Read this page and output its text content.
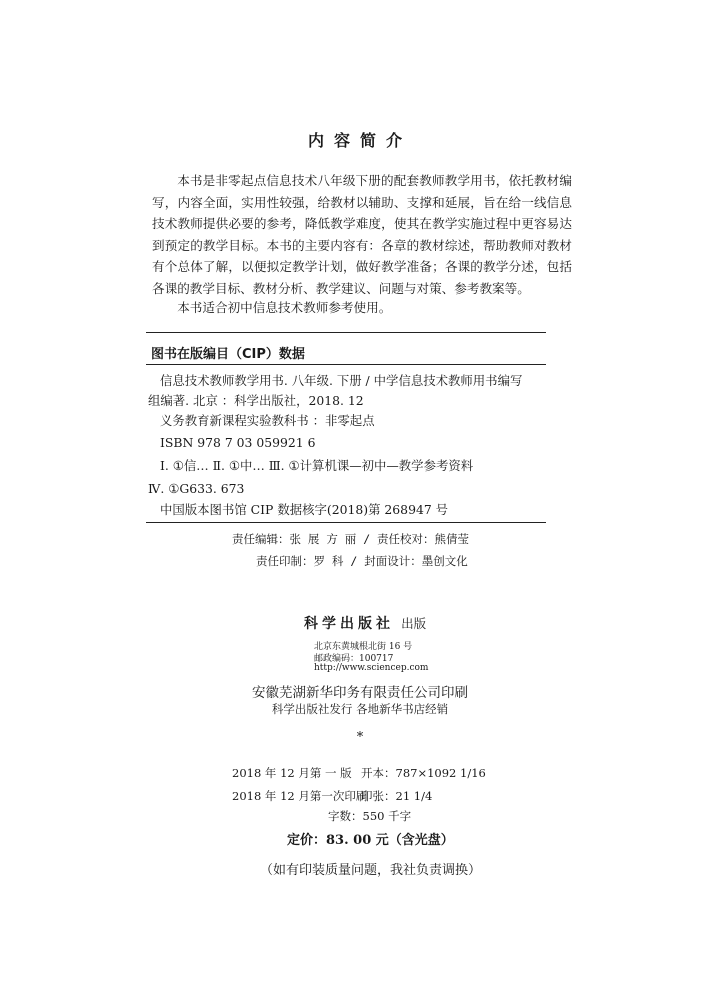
内容简介

本书是非零起点信息技术八年级下册的配套教师教学用书，依托教材编写，内容全面，实用性较强，给教材以辅助、支撑和延展，旨在给一线信息技术教师提供必要的参考，降低教学难度，使其在教学实施过程中更容易达到预定的教学目标。本书的主要内容有：各章的教材综述，帮助教师对教材有个总体了解，以便拟定教学计划，做好教学准备；各课的教学分述，包括各课的教学目标、教材分析、教学建议、问题与对策、参考教案等。

本书适合初中信息技术教师参考使用。

图书在版编目（CIP）数据
信息技术教师教学用书. 八年级. 下册 / 中学信息技术教师用书编写
组编著. 北京 ：科学出版社，2018. 12
义务教育新课程实验教科书 ：非零起点
ISBN 978 7 03 059921 6
Ⅰ. ①信… Ⅱ. ①中… Ⅲ. ①计算机课—初中—教学参考资料
Ⅳ. ①G633. 673
中国版本图书馆 CIP 数据核字(2018)第 268947 号
责任编辑：张 展 方 丽 / 责任校对：熊倩莹
责任印制：罗 科 / 封面设计：墨创文化
科学出版社 出版
北京东黄城根北街 16 号
邮政编码：100717
http://www.sciencep.com
安徽芜湖新华印务有限责任公司印刷
科学出版社发行 各地新华书店经销
*
2018 年 12 月第 一 版 开本：787×1092 1/16
2018 年 12 月第一次印刷
印张：21 1/4
字数：550 千字
定价：83. 00 元（含光盘）
（如有印装质量问题，我社负责调换）
